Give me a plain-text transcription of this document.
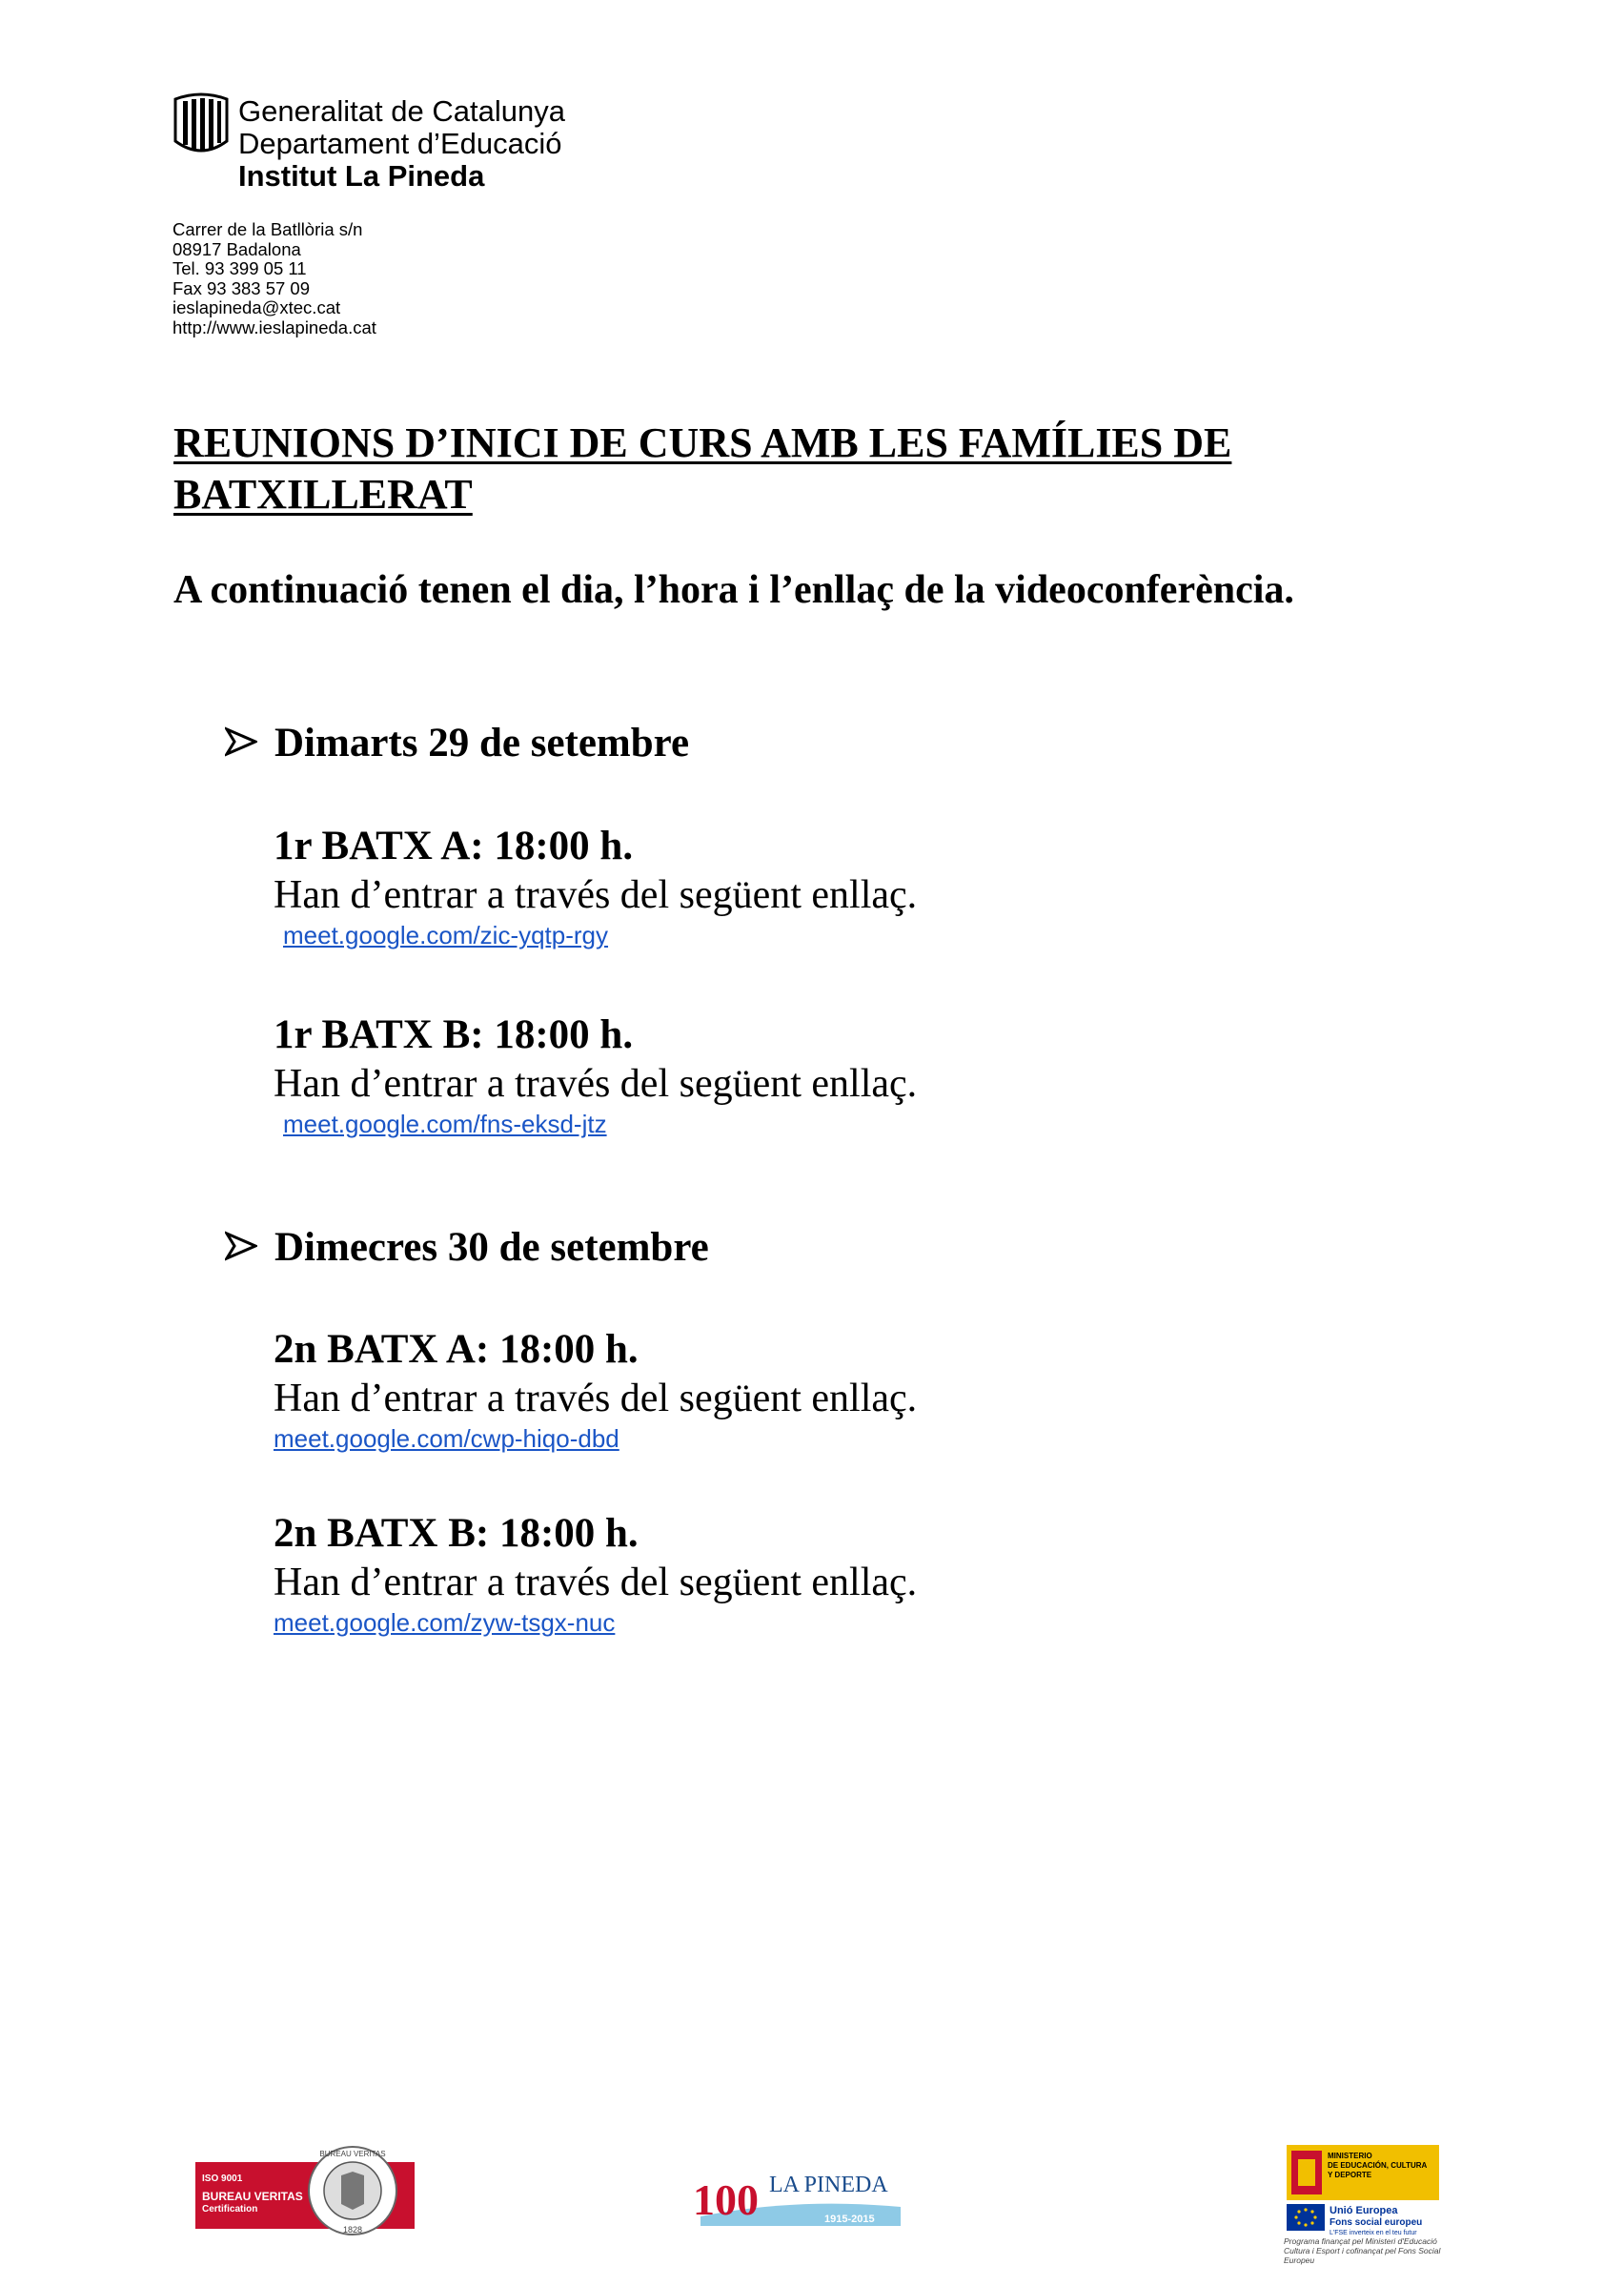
Generalitat de Catalunya
Departament d’Educació
Institut La Pineda
Carrer de la Batllòria s/n
08917 Badalona
Tel. 93 399 05 11
Fax 93 383 57 09
ieslapineda@xtec.cat
http://www.ieslapineda.cat
REUNIONS D’INICI DE CURS AMB LES FAMÍLIES DE BATXILLERAT
A continuació tenen el dia, l’hora i l’enllaç de la videoconferència.
Dimarts 29 de setembre
1r BATX A: 18:00 h.
Han d’entrar a través del següent enllaç.
meet.google.com/zic-yqtp-rgy
1r BATX B: 18:00 h.
Han d’entrar a través del següent enllaç.
meet.google.com/fns-eksd-jtz
Dimecres 30 de setembre
2n BATX A: 18:00 h.
Han d’entrar a través del següent enllaç.
meet.google.com/cwp-hiqo-dbd
2n BATX B: 18:00 h.
Han d’entrar a través del següent enllaç.
meet.google.com/zyw-tsgx-nuc
ISO 9001
BUREAU VERITAS
Certification
BUREAU VERITAS
1828
100 LA PINEDA
1915-2015
MINISTERIO
DE EDUCACIÓN, CULTURA
Y DEPORTE
Unió Europea
Fons social europeu
L'FSE inverteix en el teu futur
Programa finançat pel Ministeri d'Educació Cultura i Esport i cofinançat pel Fons Social Europeu
